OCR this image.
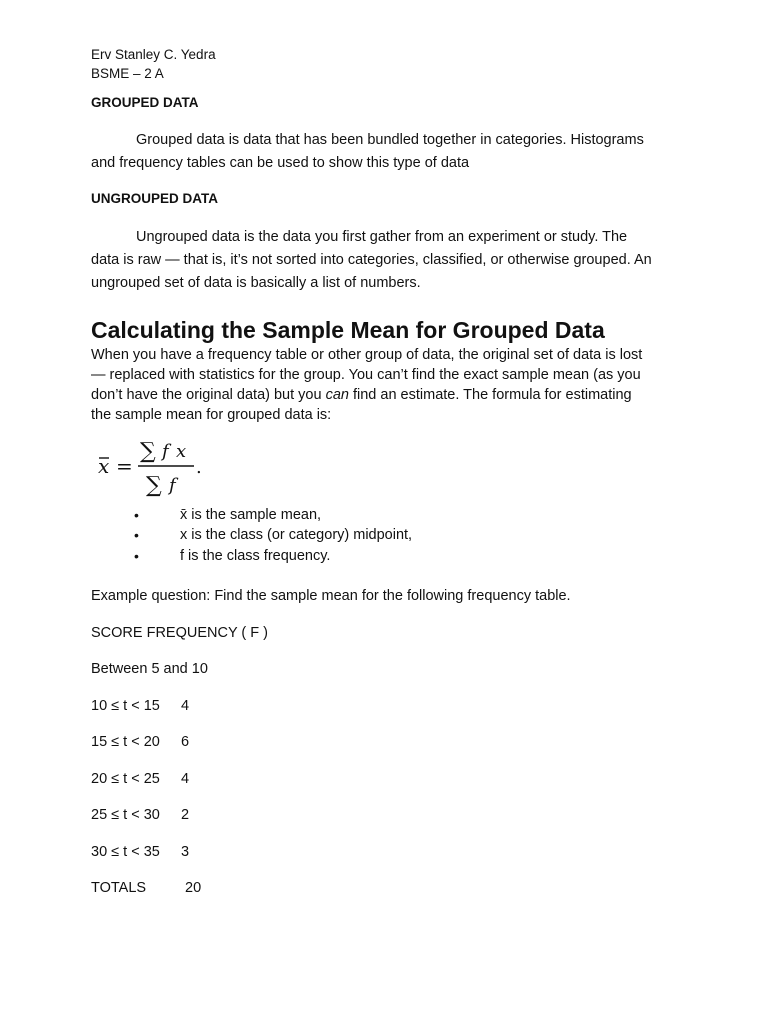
Erv Stanley C. Yedra
BSME – 2 A
GROUPED DATA
Grouped data is data that has been bundled together in categories. Histograms
and frequency tables can be used to show this type of data
UNGROUPED DATA
Ungrouped data is the data you first gather from an experiment or study. The
data is raw — that is, it’s not sorted into categories, classified, or otherwise grouped. An
ungrouped set of data is basically a list of numbers.
Calculating the Sample Mean for Grouped Data
When you have a frequency table or other group of data, the original set of data is lost
— replaced with statistics for the group. You can’t find the exact sample mean (as you
don’t have the original data) but you can find an estimate. The formula for estimating
the sample mean for grouped data is:
x =
∑ f x
∑ f
.
•	x̄ is the sample mean,
•	x is the class (or category) midpoint,
•	f is the class frequency.
Example question: Find the sample mean for the following frequency table.
SCORE FREQUENCY ( F )
Between 5 and 10
10 ≤ t < 15 4
15 ≤ t < 20 6
20 ≤ t < 25 4
25 ≤ t < 30 2
30 ≤ t < 35 3
TOTALS	20
